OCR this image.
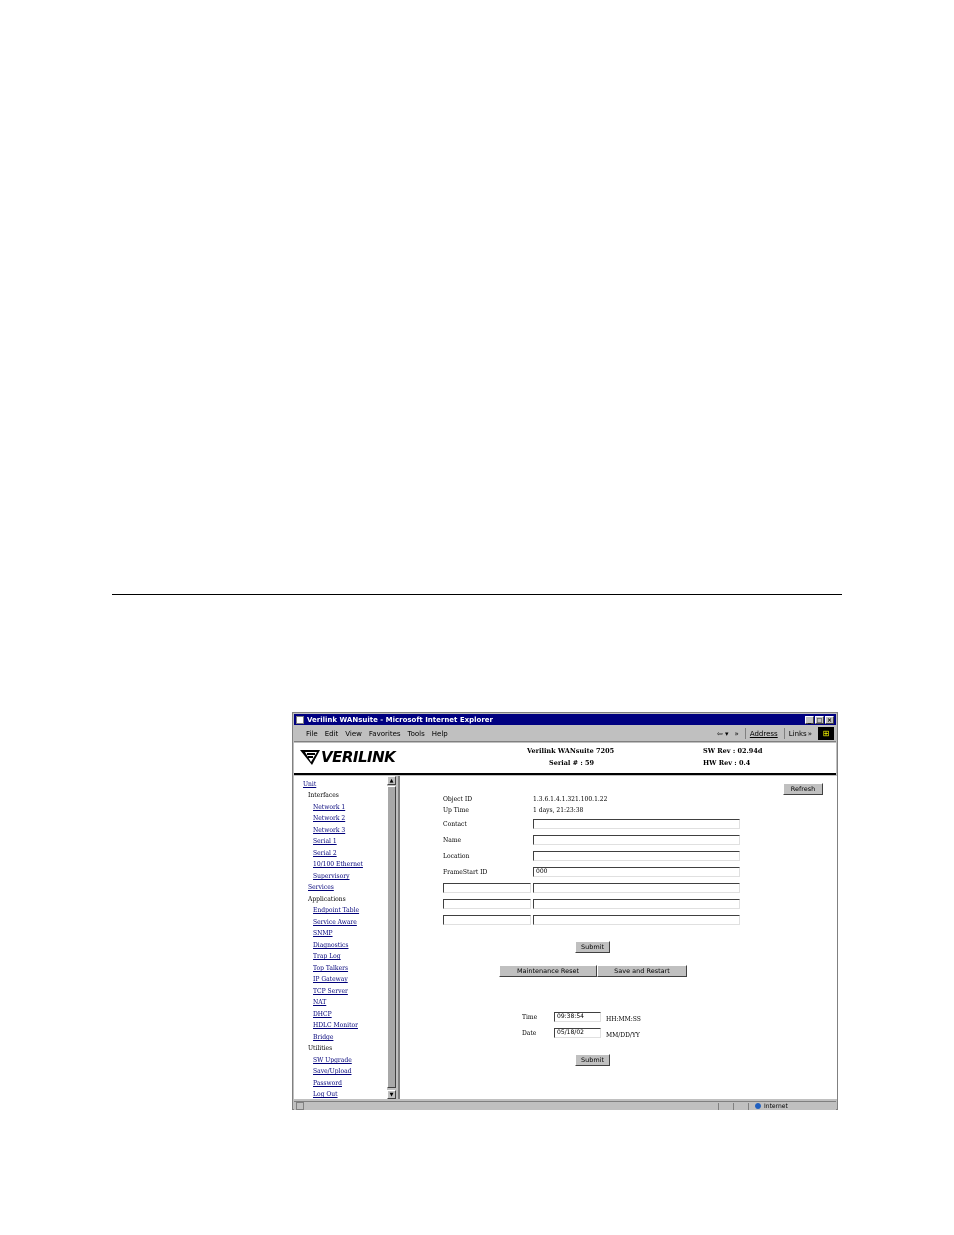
Verilink WANsuite - Microsoft Internet Explorer	_ □ ×
File Edit View Favorites Tools Help	⇦ ▾ » Address Links »	⊞
VERILINK	Verilink WANsuite 7205
Serial # : 59
SW Rev : 02.94d
HW Rev : 0.4
Unit
Interfaces
Network 1
Network 2
Network 3
Serial 1
Serial 2
10/100 Ethernet
Supervisory
Services
Applications
Endpoint Table
Service Aware
SNMP
Diagnostics
Trap Log
Top Talkers
IP Gateway
TCP Server
NAT
DHCP
HDLC Monitor
Bridge
Utilities
SW Upgrade
Save/Upload
Password
Log Out
▲
▼
Refresh
Object ID	1.3.6.1.4.1.321.100.1.22
Up Time	1 days, 21:23:38
Contact
Name
Location
FrameStart ID	000
Submit
Maintenance Reset	Save and Restart
Time	09:38:54	HH:MM:SS
Date	05/18/02	MM/DD/YY
Submit
Internet
